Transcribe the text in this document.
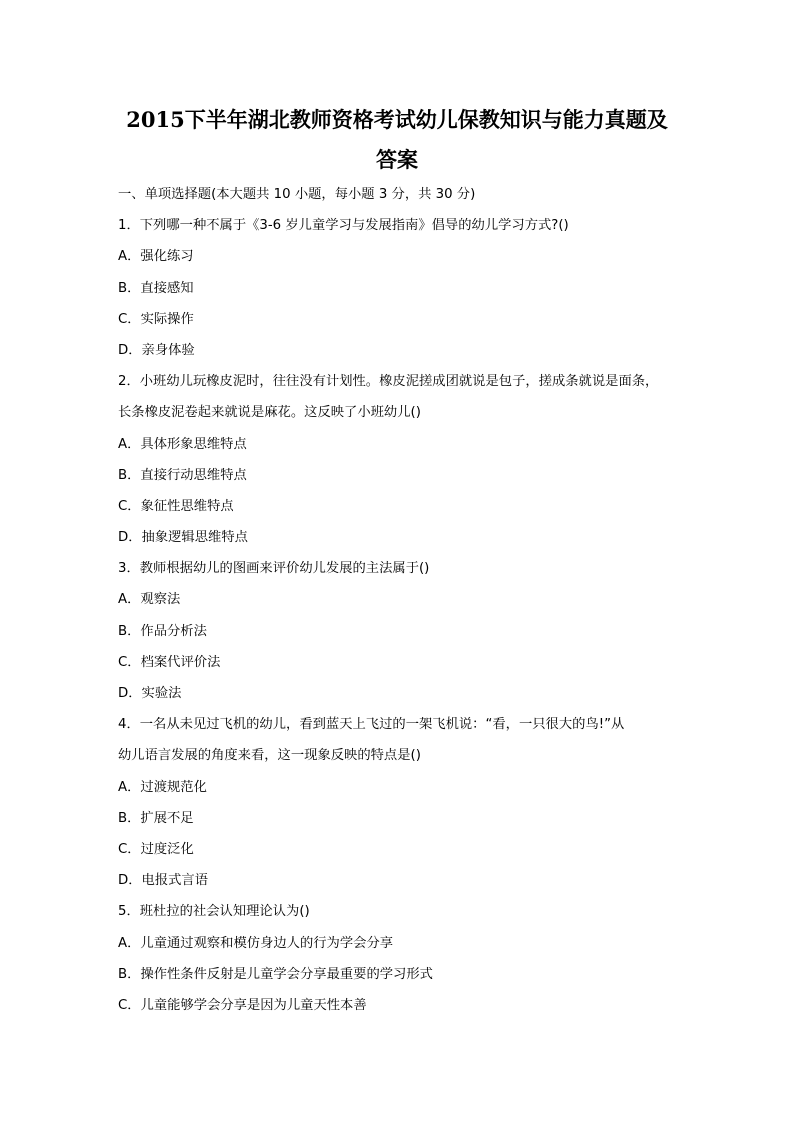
2015下半年湖北教师资格考试幼儿保教知识与能力真题及
答案
一、单项选择题(本大题共 10 小题，每小题 3 分，共 30 分)
1．下列哪一种不属于《3-6 岁儿童学习与发展指南》倡导的幼儿学习方式?()
A．强化练习
B．直接感知
C．实际操作
D．亲身体验
2．小班幼儿玩橡皮泥时，往往没有计划性。橡皮泥搓成团就说是包子，搓成条就说是面条，
长条橡皮泥卷起来就说是麻花。这反映了小班幼儿()
A．具体形象思维特点
B．直接行动思维特点
C．象征性思维特点
D．抽象逻辑思维特点
3．教师根据幼儿的图画来评价幼儿发展的主法属于()
A．观察法
B．作品分析法
C．档案代评价法
D．实验法
4．一名从未见过飞机的幼儿，看到蓝天上飞过的一架飞机说：“看，一只很大的鸟!”从
幼儿语言发展的角度来看，这一现象反映的特点是()
A．过渡规范化
B．扩展不足
C．过度泛化
D．电报式言语
5．班杜拉的社会认知理论认为()
A．儿童通过观察和模仿身边人的行为学会分享
B．操作性条件反射是儿童学会分享最重要的学习形式
C．儿童能够学会分享是因为儿童天性本善
